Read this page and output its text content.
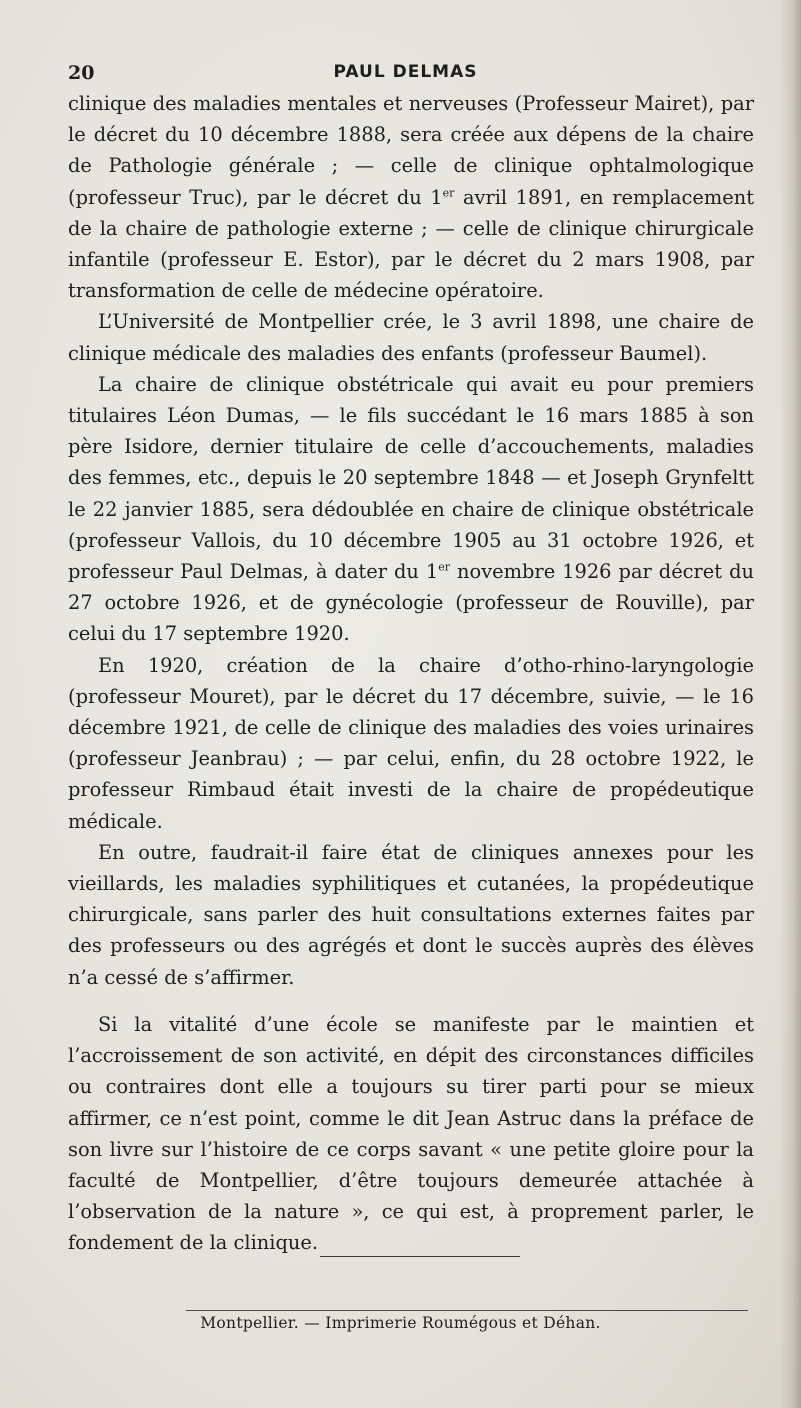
20	PAUL DELMAS

clinique des maladies mentales et nerveuses (Professeur Mairet), par le décret du 10 décembre 1888, sera créée aux dépens de la chaire de Pathologie générale ; — celle de clinique ophtalmologique (professeur Truc), par le décret du 1er avril 1891, en remplacement de la chaire de pathologie externe ; — celle de clinique chirurgicale infantile (professeur E. Estor), par le décret du 2 mars 1908, par transformation de celle de médecine opératoire.

L’Université de Montpellier crée, le 3 avril 1898, une chaire de clinique médicale des maladies des enfants (professeur Baumel).

La chaire de clinique obstétricale qui avait eu pour premiers titulaires Léon Dumas, — le fils succédant le 16 mars 1885 à son père Isidore, dernier titulaire de celle d’accouchements, maladies des femmes, etc., depuis le 20 septembre 1848 — et Joseph Grynfeltt le 22 janvier 1885, sera dédoublée en chaire de clinique obstétricale (professeur Vallois, du 10 décembre 1905 au 31 octobre 1926, et professeur Paul Delmas, à dater du 1er novembre 1926 par décret du 27 octobre 1926, et de gynécologie (professeur de Rouville), par celui du 17 septembre 1920.

En 1920, création de la chaire d’otho-rhino-laryngologie (professeur Mouret), par le décret du 17 décembre, suivie, — le 16 décembre 1921, de celle de clinique des maladies des voies urinaires (professeur Jeanbrau) ; — par celui, enfin, du 28 octobre 1922, le professeur Rimbaud était investi de la chaire de propédeutique médicale.

En outre, faudrait-il faire état de cliniques annexes pour les vieillards, les maladies syphilitiques et cutanées, la propédeutique chirurgicale, sans parler des huit consultations externes faites par des professeurs ou des agrégés et dont le succès auprès des élèves n’a cessé de s’affirmer.

Si la vitalité d’une école se manifeste par le maintien et l’accroissement de son activité, en dépit des circonstances difficiles ou contraires dont elle a toujours su tirer parti pour se mieux affirmer, ce n’est point, comme le dit Jean Astruc dans la préface de son livre sur l’histoire de ce corps savant « une petite gloire pour la faculté de Montpellier, d’être toujours demeurée attachée à l’observation de la nature », ce qui est, à proprement parler, le fondement de la clinique.

Montpellier. — Imprimerie Roumégous et Déhan.
